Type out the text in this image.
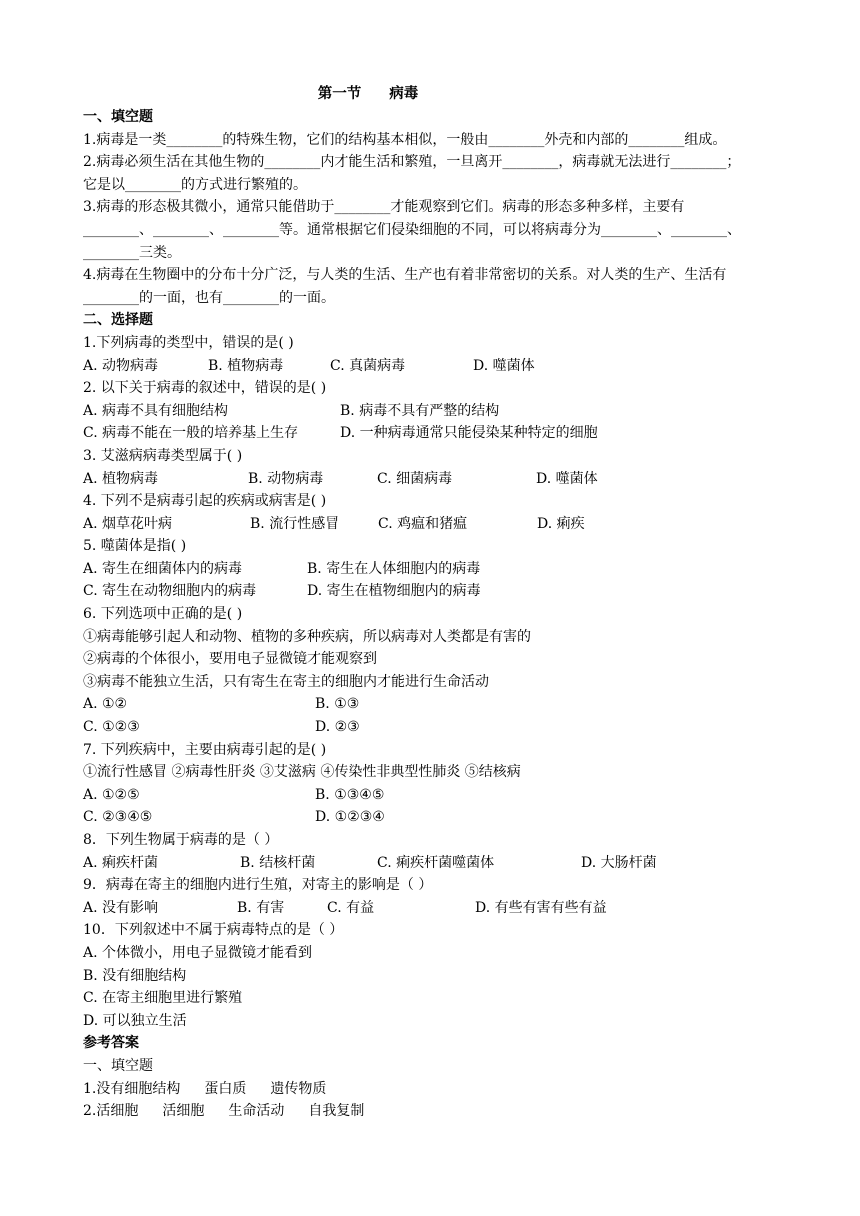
第一节 病毒
一、填空题
1.病毒是一类________的特殊生物，它们的结构基本相似，一般由________外壳和内部的________组成。
2.病毒必须生活在其他生物的________内才能生活和繁殖，一旦离开________，病毒就无法进行________；
它是以________的方式进行繁殖的。
3.病毒的形态极其微小，通常只能借助于________才能观察到它们。病毒的形态多种多样，主要有
________、________、________等。通常根据它们侵染细胞的不同，可以将病毒分为________、________、
________三类。
4.病毒在生物圈中的分布十分广泛，与人类的生活、生产也有着非常密切的关系。对人类的生产、生活有
________的一面，也有________的一面。
二、选择题
1.下列病毒的类型中，错误的是( )
A. 动物病毒	B. 植物病毒	C. 真菌病毒	D. 噬菌体
2. 以下关于病毒的叙述中，错误的是( )
A. 病毒不具有细胞结构	B. 病毒不具有严整的结构
C. 病毒不能在一般的培养基上生存	D. 一种病毒通常只能侵染某种特定的细胞
3. 艾滋病病毒类型属于( )
A. 植物病毒	B. 动物病毒	C. 细菌病毒	D. 噬菌体
4. 下列不是病毒引起的疾病或病害是( )
A. 烟草花叶病	B. 流行性感冒	C. 鸡瘟和猪瘟	D. 痢疾
5. 噬菌体是指( )
A. 寄生在细菌体内的病毒	B. 寄生在人体细胞内的病毒
C. 寄生在动物细胞内的病毒	D. 寄生在植物细胞内的病毒
6. 下列选项中正确的是( )
①病毒能够引起人和动物、植物的多种疾病，所以病毒对人类都是有害的
②病毒的个体很小，要用电子显微镜才能观察到
③病毒不能独立生活，只有寄生在寄主的细胞内才能进行生命活动
A. ①②	B. ①③
C. ①②③	D. ②③
7. 下列疾病中，主要由病毒引起的是( )
①流行性感冒 ②病毒性肝炎 ③艾滋病 ④传染性非典型性肺炎 ⑤结核病
A. ①②⑤	B. ①③④⑤
C. ②③④⑤	D. ①②③④
8．下列生物属于病毒的是（ ）
A. 痢疾杆菌	B. 结核杆菌	C. 痢疾杆菌噬菌体	D. 大肠杆菌
9．病毒在寄主的细胞内进行生殖，对寄主的影响是（ ）
A. 没有影响	B. 有害	C. 有益	D. 有些有害有些有益
10．下列叙述中不属于病毒特点的是（ ）
A. 个体微小，用电子显微镜才能看到
B. 没有细胞结构
C. 在寄主细胞里进行繁殖
D. 可以独立生活
参考答案
一、填空题
1.没有细胞结构 蛋白质 遗传物质
2.活细胞 活细胞 生命活动 自我复制
